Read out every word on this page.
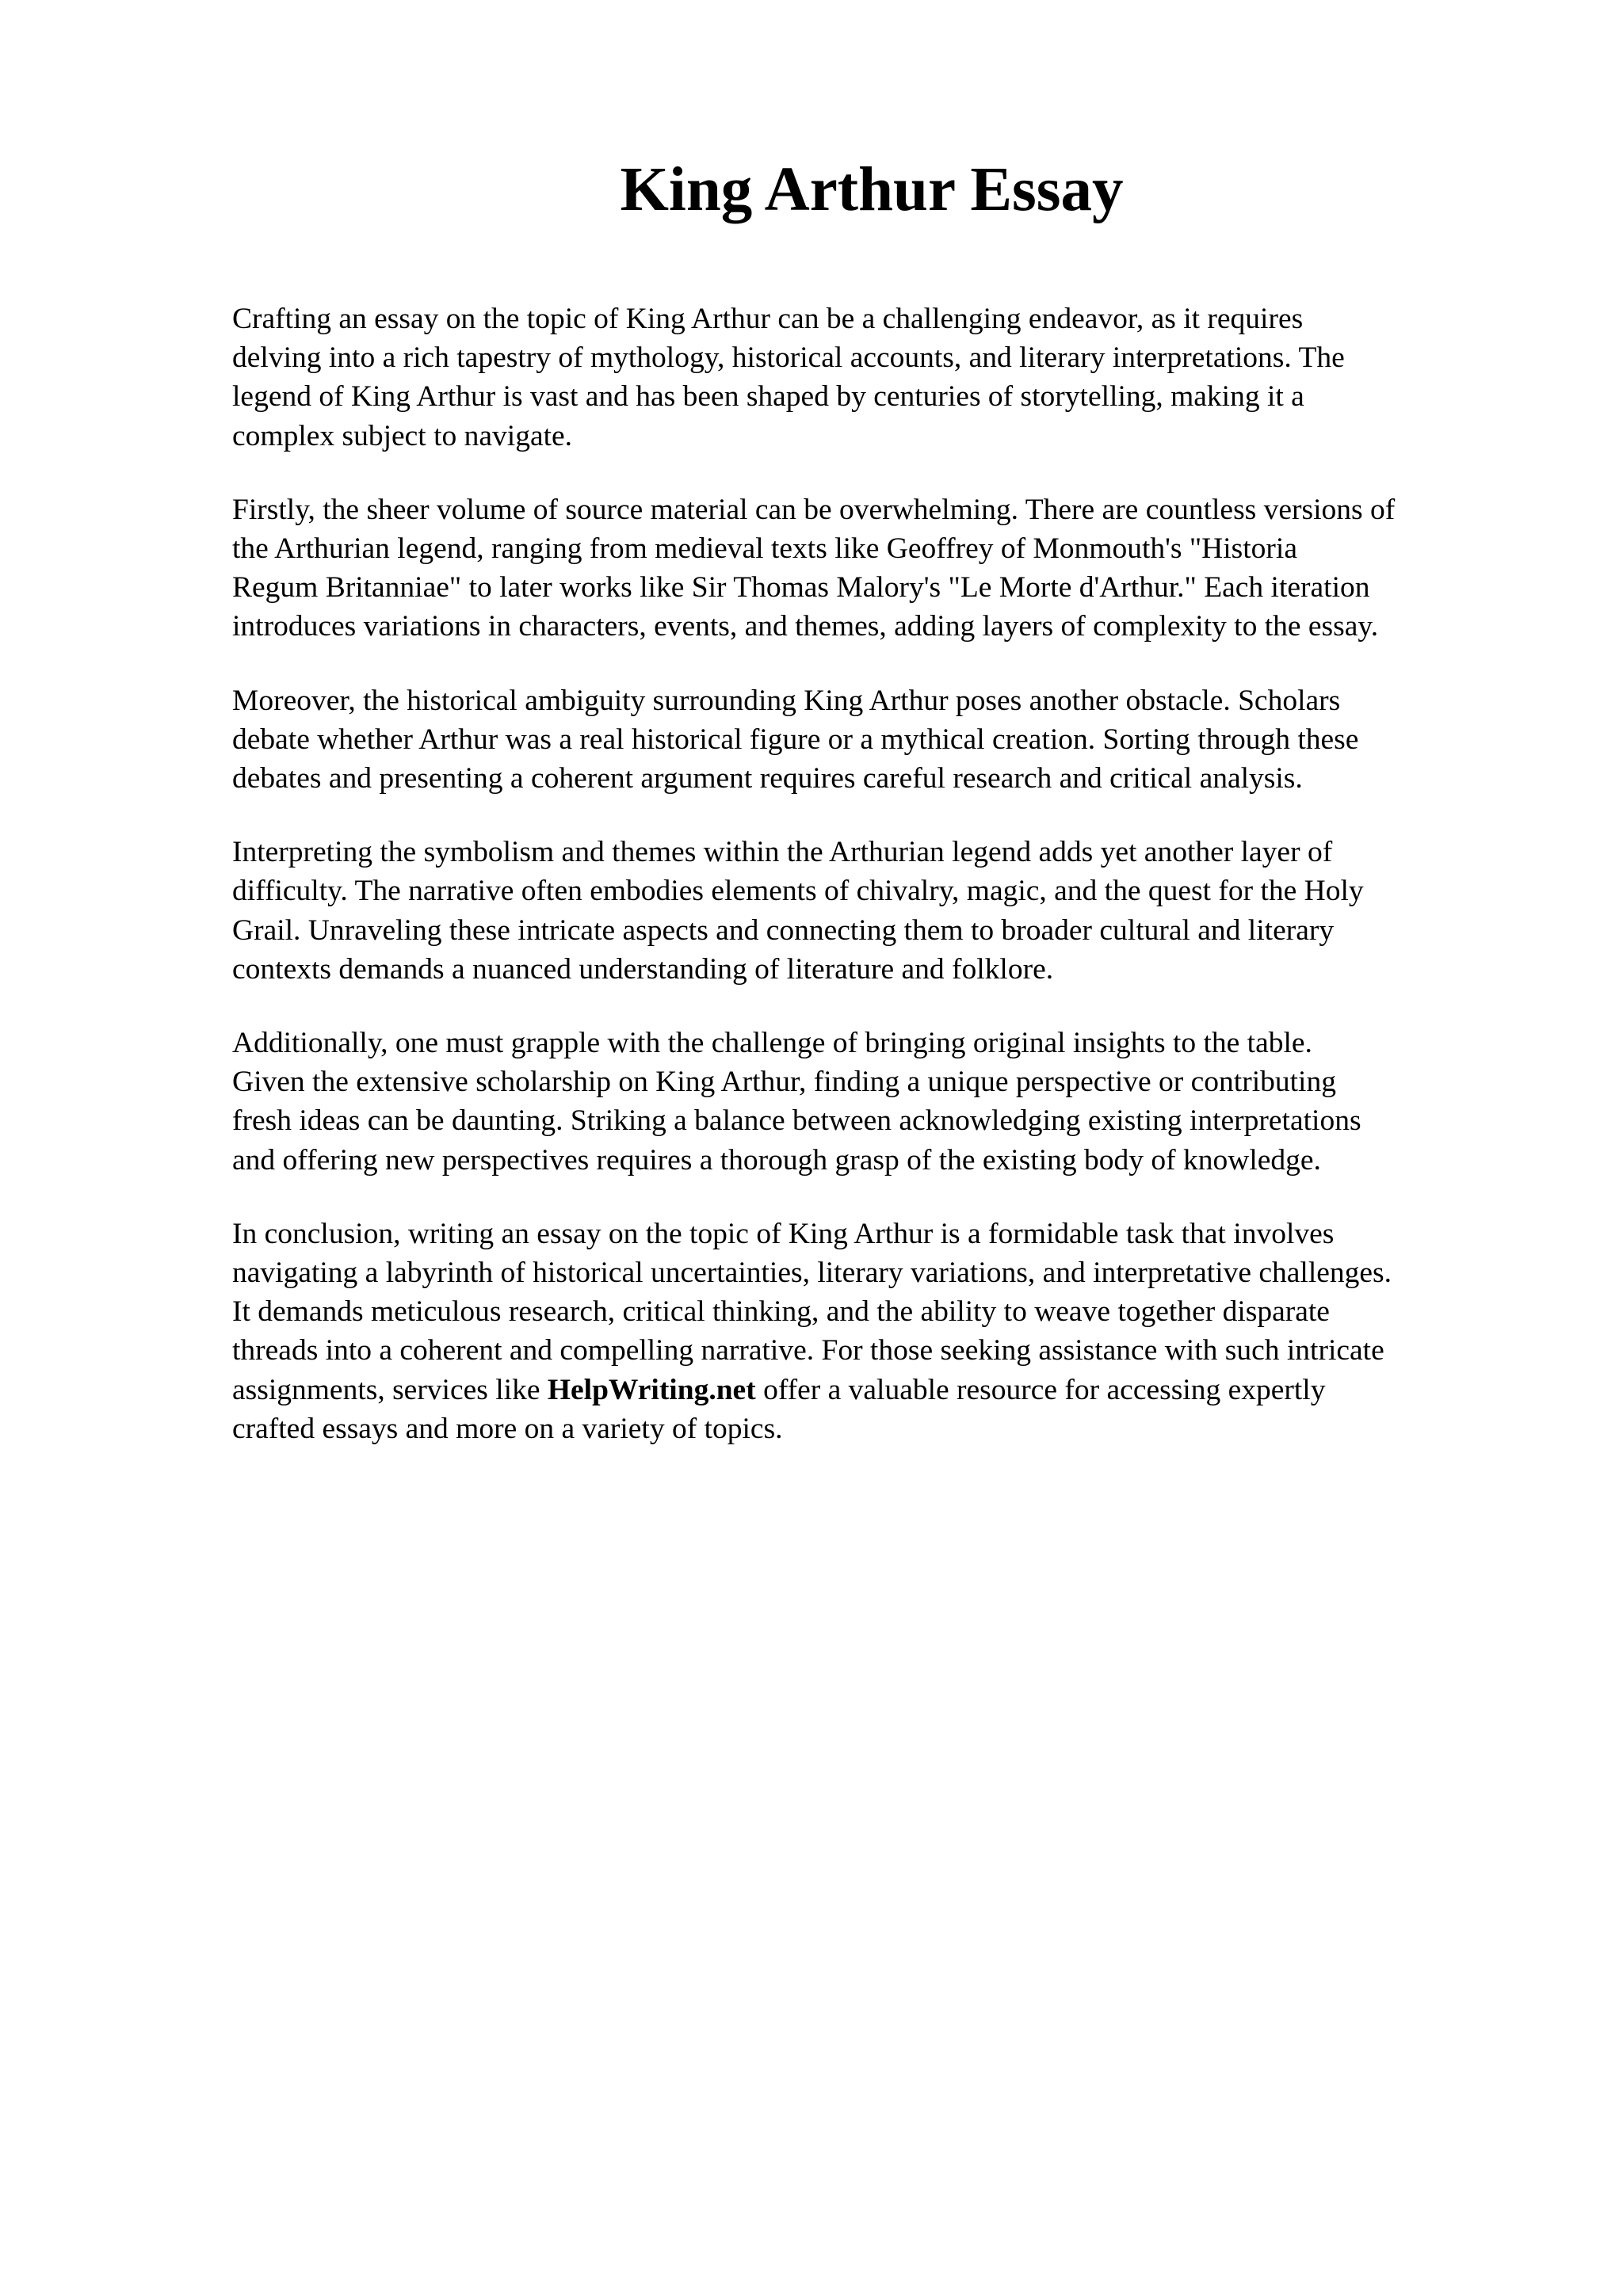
King Arthur Essay

Crafting an essay on the topic of King Arthur can be a challenging endeavor, as it requires
delving into a rich tapestry of mythology, historical accounts, and literary interpretations. The
legend of King Arthur is vast and has been shaped by centuries of storytelling, making it a
complex subject to navigate.

Firstly, the sheer volume of source material can be overwhelming. There are countless versions of
the Arthurian legend, ranging from medieval texts like Geoffrey of Monmouth's "Historia
Regum Britanniae" to later works like Sir Thomas Malory's "Le Morte d'Arthur." Each iteration
introduces variations in characters, events, and themes, adding layers of complexity to the essay.

Moreover, the historical ambiguity surrounding King Arthur poses another obstacle. Scholars
debate whether Arthur was a real historical figure or a mythical creation. Sorting through these
debates and presenting a coherent argument requires careful research and critical analysis.

Interpreting the symbolism and themes within the Arthurian legend adds yet another layer of
difficulty. The narrative often embodies elements of chivalry, magic, and the quest for the Holy
Grail. Unraveling these intricate aspects and connecting them to broader cultural and literary
contexts demands a nuanced understanding of literature and folklore.

Additionally, one must grapple with the challenge of bringing original insights to the table.
Given the extensive scholarship on King Arthur, finding a unique perspective or contributing
fresh ideas can be daunting. Striking a balance between acknowledging existing interpretations
and offering new perspectives requires a thorough grasp of the existing body of knowledge.

In conclusion, writing an essay on the topic of King Arthur is a formidable task that involves
navigating a labyrinth of historical uncertainties, literary variations, and interpretative challenges.
It demands meticulous research, critical thinking, and the ability to weave together disparate
threads into a coherent and compelling narrative. For those seeking assistance with such intricate
assignments, services like HelpWriting.net offer a valuable resource for accessing expertly
crafted essays and more on a variety of topics.
